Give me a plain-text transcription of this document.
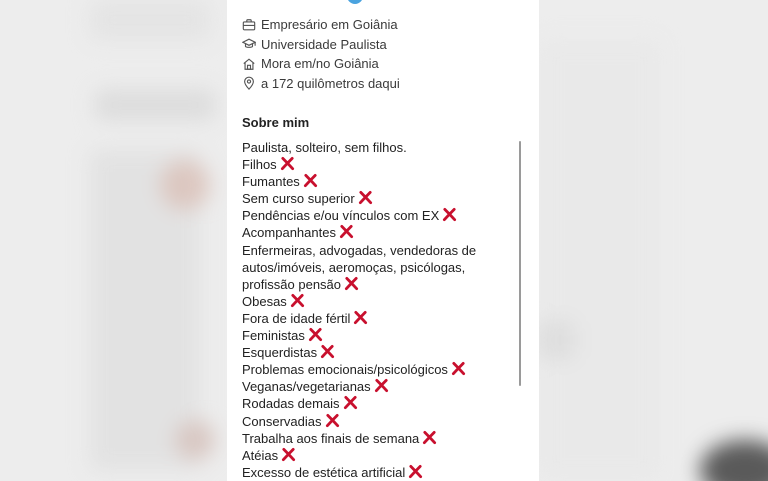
Empresário em Goiânia
Universidade Paulista
Mora em/no Goiânia
a 172 quilômetros daqui
Sobre mim
Paulista, solteiro, sem filhos.
Filhos
Fumantes
Sem curso superior
Pendências e/ou vínculos com EX
Acompanhantes
Enfermeiras, advogadas, vendedoras de
autos/imóveis, aeromoças, psicólogas,
profissão pensão
Obesas
Fora de idade fértil
Feministas
Esquerdistas
Problemas emocionais/psicológicos
Veganas/vegetarianas
Rodadas demais
Conservadias
Trabalha aos finais de semana
Atéias
Excesso de estética artificial
